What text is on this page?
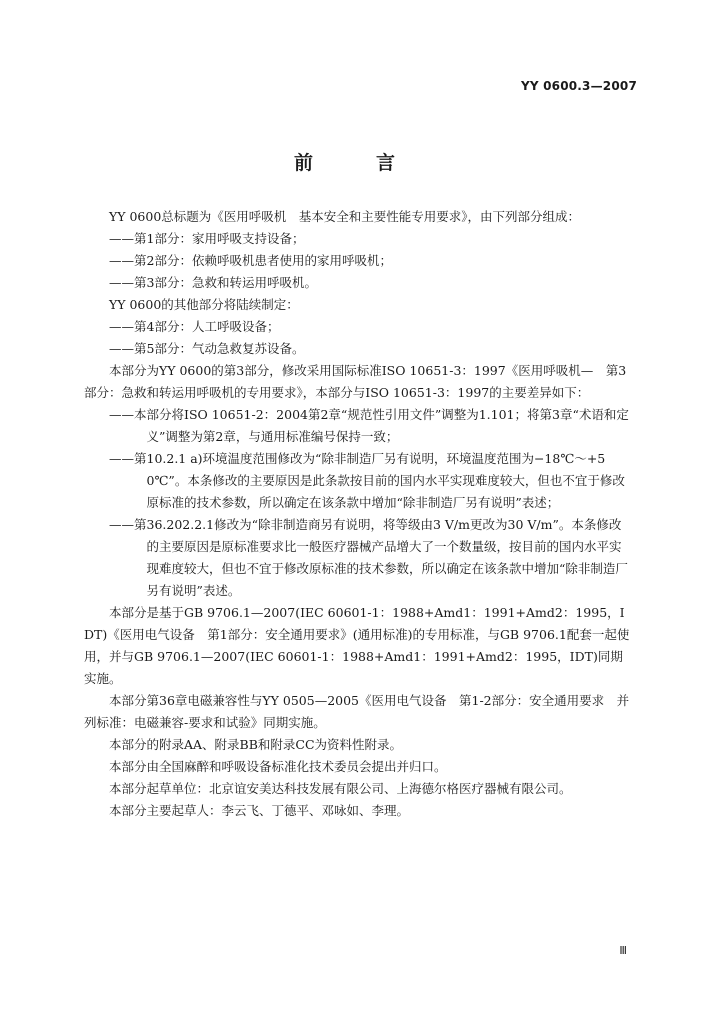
YY 0600.3—2007
前　言

YY 0600总标题为《医用呼吸机　基本安全和主要性能专用要求》，由下列部分组成：

——第1部分：家用呼吸支持设备；

——第2部分：依赖呼吸机患者使用的家用呼吸机；

——第3部分：急救和转运用呼吸机。

YY 0600的其他部分将陆续制定：

——第4部分：人工呼吸设备；

——第5部分：气动急救复苏设备。

本部分为YY 0600的第3部分，修改采用国际标准ISO 10651-3：1997《医用呼吸机—　第3部分：急救和转运用呼吸机的专用要求》，本部分与ISO 10651-3：1997的主要差异如下：

——本部分将ISO 10651-2：2004第2章“规范性引用文件”调整为1.101；将第3章“术语和定义”调整为第2章，与通用标准编号保持一致；

——第10.2.1 a)环境温度范围修改为“除非制造厂另有说明，环境温度范围为−18℃～+50℃”。本条修改的主要原因是此条款按目前的国内水平实现难度较大，但也不宜于修改原标准的技术参数，所以确定在该条款中增加“除非制造厂另有说明”表述；

——第36.202.2.1修改为“除非制造商另有说明，将等级由3 V/m更改为30 V/m”。本条修改的主要原因是原标准要求比一般医疗器械产品增大了一个数量级，按目前的国内水平实现难度较大，但也不宜于修改原标准的技术参数，所以确定在该条款中增加“除非制造厂另有说明”表述。

本部分是基于GB 9706.1—2007(IEC 60601-1：1988+Amd1：1991+Amd2：1995，IDT)《医用电气设备　第1部分：安全通用要求》(通用标准)的专用标准，与GB 9706.1配套一起使用，并与GB 9706.1—2007(IEC 60601-1：1988+Amd1：1991+Amd2：1995，IDT)同期实施。

本部分第36章电磁兼容性与YY 0505—2005《医用电气设备　第1-2部分：安全通用要求　并列标准：电磁兼容-要求和试验》同期实施。

本部分的附录AA、附录BB和附录CC为资料性附录。

本部分由全国麻醉和呼吸设备标准化技术委员会提出并归口。

本部分起草单位：北京谊安美达科技发展有限公司、上海德尔格医疗器械有限公司。

本部分主要起草人：李云飞、丁德平、邓咏如、李理。

Ⅲ
